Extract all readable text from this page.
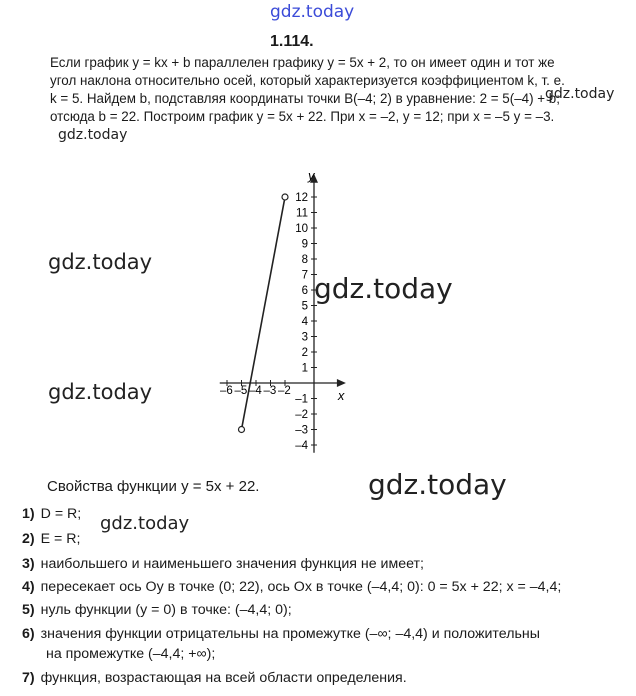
gdz.today
1.114.
Если график y = kx + b параллелен графику y = 5x + 2, то он имеет один и тот же
угол наклона относительно осей, который характеризуется коэффициентом k, т. е.
k = 5. Найдем b, подставляя координаты точки B(–4; 2) в уравнение: 2 = 5(–4) + b;
отсюда b = 22. Построим график y = 5x + 22. При x = –2, y = 12; при x = –5 y = –3.
gdz.today
gdz.today
x
y
–6 –5 –4 –3 –2
12
11
10
9
8
7
6
5
4
3
2
1
–1
–2
–3
–4
gdz.today
gdz.today
gdz.today
Свойства функции y = 5x + 22.	gdz.today
1) D = R; gdz.today
2) E = R;
3) наибольшего и наименьшего значения функция не имеет;
4) пересекает ось Oy в точке (0; 22), ось Ox в точке (–4,4; 0): 0 = 5x + 22; x = –4,4;
5) нуль функции (y = 0) в точке: (–4,4; 0);
6) значения функции отрицательны на промежутке (–∞; –4,4) и положительны
на промежутке (–4,4; +∞);
7) функция, возрастающая на всей области определения.
